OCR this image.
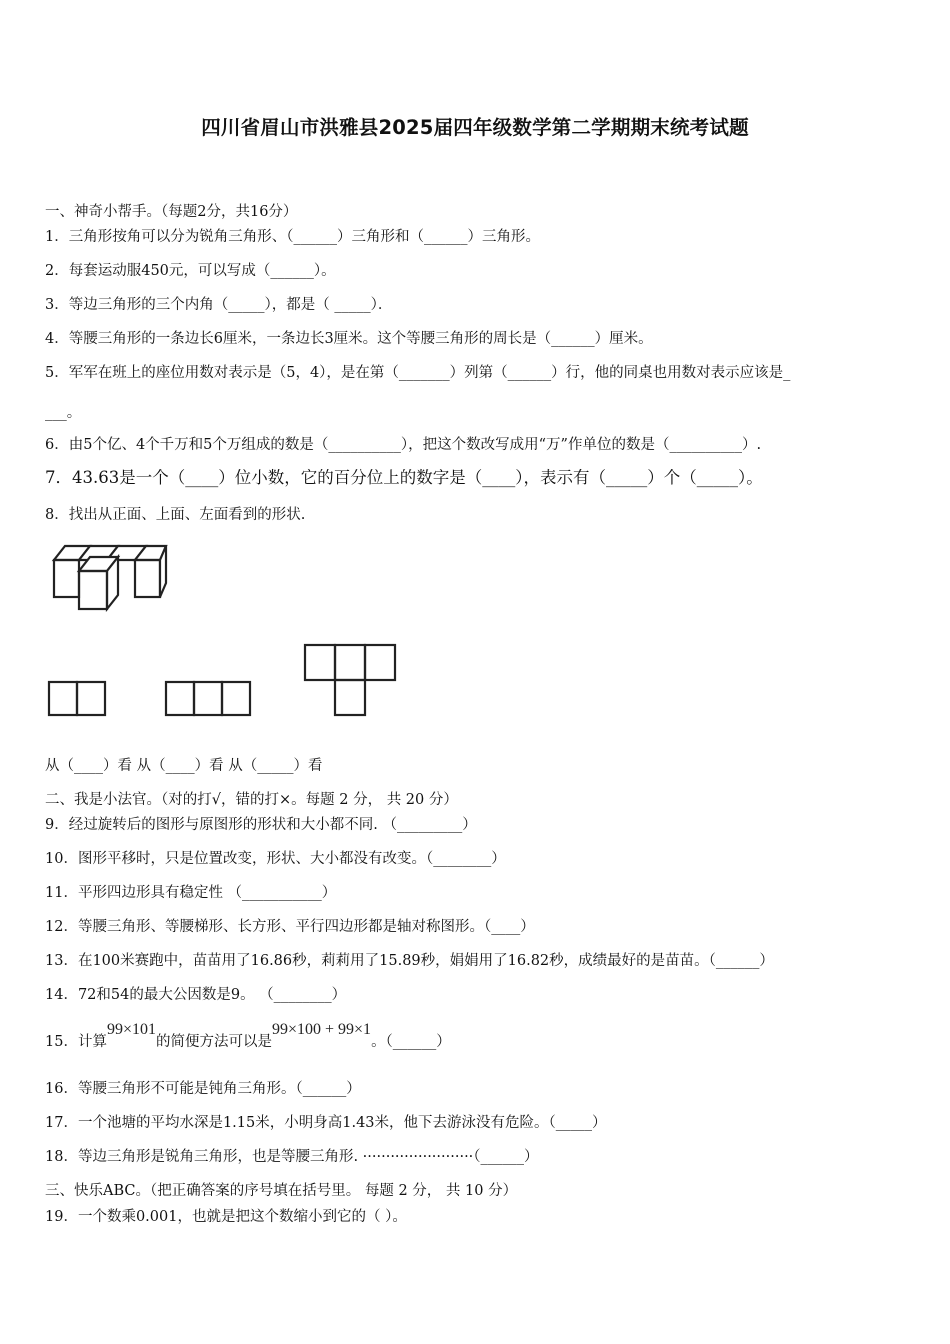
四川省眉山市洪雅县2025届四年级数学第二学期期末统考试题
一、神奇小帮手。（每题2分，共16分）
1．三角形按角可以分为锐角三角形、（______）三角形和（______）三角形。
2．每套运动服450元，可以写成（______）。
3．等边三角形的三个内角（_____），都是（ _____）．
4．等腰三角形的一条边长6厘米，一条边长3厘米。这个等腰三角形的周长是（______）厘米。
5．军军在班上的座位用数对表示是（5，4），是在第（_______）列第（______）行，他的同桌也用数对表示应该是_
___。
6．由5个亿、4个千万和5个万组成的数是（__________），把这个数改写成用“万”作单位的数是（__________）.
7．43.63是一个（____）位小数，它的百分位上的数字是（____），表示有（_____）个（_____）。
8．找出从正面、上面、左面看到的形状.
从（____）看 从（____）看 从（_____）看
二、我是小法官。（对的打√，错的打×。每题 2 分， 共 20 分）
9．经过旋转后的图形与原图形的形状和大小都不同. （_________）
10．图形平移时，只是位置改变，形状、大小都没有改变。（________）
11．平形四边形具有稳定性 （___________）
12．等腰三角形、等腰梯形、长方形、平行四边形都是轴对称图形。（____）
13．在100米赛跑中，苗苗用了16.86秒，莉莉用了15.89秒，娟娟用了16.82秒，成绩最好的是苗苗。（______）
14．72和54的最大公因数是9。 （________）
15．计算99×101的简便方法可以是99×100 + 99×1。（______）
16．等腰三角形不可能是钝角三角形。（______）
17．一个池塘的平均水深是1.15米，小明身高1.43米，他下去游泳没有危险。（_____）
18．等边三角形是锐角三角形，也是等腰三角形. ························（______）
三、快乐ABC。（把正确答案的序号填在括号里。 每题 2 分， 共 10 分）
19．一个数乘0.001，也就是把这个数缩小到它的（ ）。
